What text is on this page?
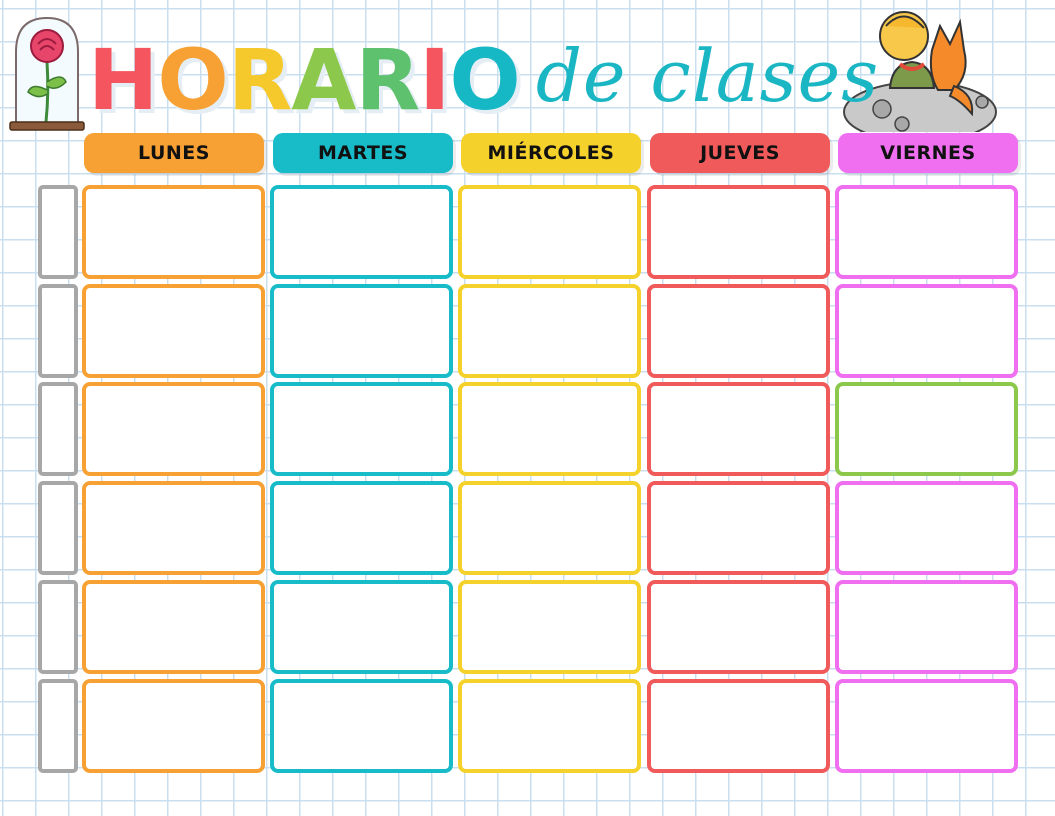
HORARIO de clases
LUNES	MARTES	MIÉRCOLES	JUEVES	VIERNES
